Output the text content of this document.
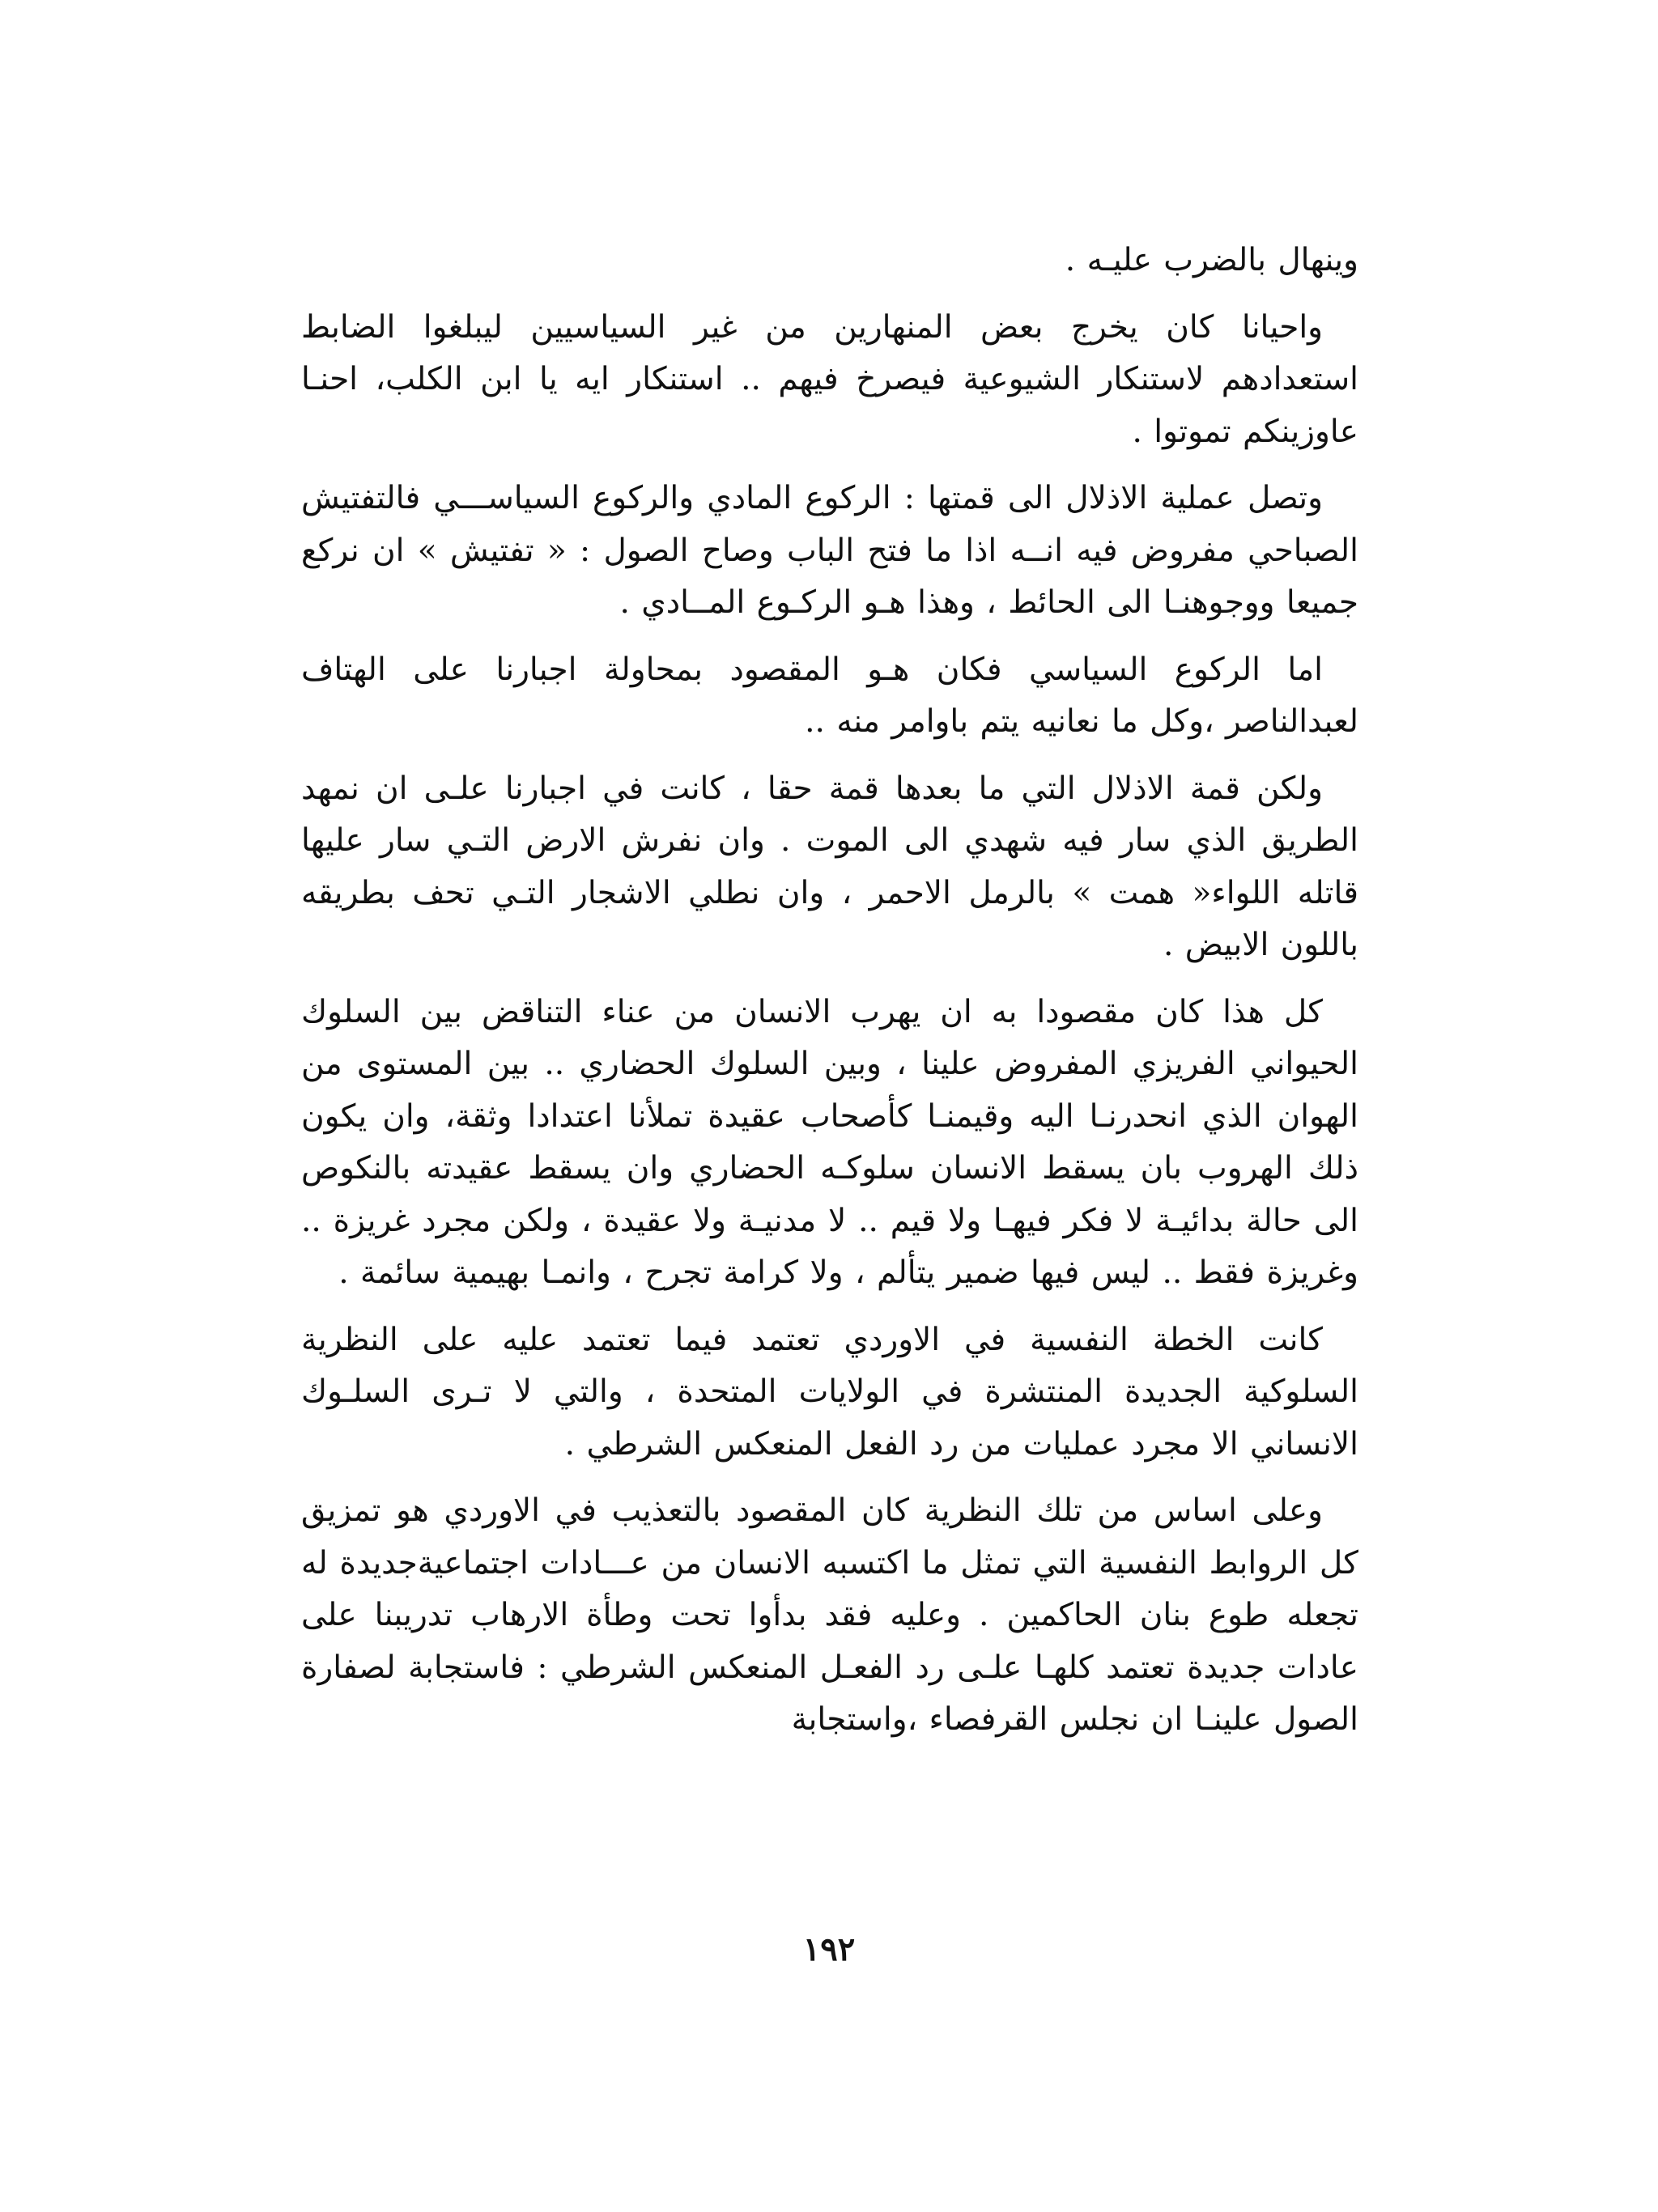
وينهال بالضرب عليـه .

واحيانا كان يخرج بعض المنهارين من غير السياسيين ليبلغوا الضابط استعدادهم لاستنكار الشيوعية فيصرخ فيهم .. استنكار ايه يا ابن الكلب، احنـا عاوزينكم تموتوا .

وتصل عملية الاذلال الى قمتها : الركوع المادي والركوع السياســـي فالتفتيش الصباحي مفروض فيه انــه اذا ما فتح الباب وصاح الصول : « تفتيش » ان نركع جميعا ووجوهنـا الى الحائط ، وهذا هـو الركـوع المــادي .

اما الركوع السياسي فكان هـو المقصود بمحاولة اجبارنا على الهتاف لعبدالناصر ،وكل ما نعانيه يتم باوامر منه ..

ولكن قمة الاذلال التي ما بعدها قمة حقا ، كانت في اجبارنا علـى ان نمهد الطريق الذي سار فيه شهدي الى الموت . وان نفرش الارض التـي سار عليها قاتله اللواء« همت » بالرمل الاحمر ، وان نطلي الاشجار التـي تحف بطريقه باللون الابيض .

كل هذا كان مقصودا به ان يهرب الانسان من عناء التناقض بين السلوك الحيواني الفريزي المفروض علينا ، وبين السلوك الحضاري .. بين المستوى من الهوان الذي انحدرنـا اليه وقيمنـا كأصحاب عقيدة تملأنا اعتدادا وثقة، وان يكون ذلك الهروب بان يسقط الانسان سلوكـه الحضاري وان يسقط عقيدته بالنكوص الى حالة بدائيـة لا فكر فيهـا ولا قيم .. لا مدنيـة ولا عقيدة ، ولكن مجرد غريزة .. وغريزة فقط .. ليس فيها ضمير يتألم ، ولا كرامة تجرح ، وانمـا بهيمية سائمة .

كانت الخطة النفسية في الاوردي تعتمد فيما تعتمد عليه على النظرية السلوكية الجديدة المنتشرة في الولايات المتحدة ، والتي لا تـرى السلـوك الانساني الا مجرد عمليات من رد الفعل المنعكس الشرطي .

وعلى اساس من تلك النظرية كان المقصود بالتعذيب في الاوردي هو تمزيق كل الروابط النفسية التي تمثل ما اكتسبه الانسان من عـــادات اجتماعيةجديدة له تجعله طوع بنان الحاكمين . وعليه فقد بدأوا تحت وطأة الارهاب تدريبنا على عادات جديدة تعتمد كلهـا علـى رد الفعـل المنعكس الشرطي : فاستجابة لصفارة الصول علينـا ان نجلس القرفصاء ،واستجابة

١٩٢
